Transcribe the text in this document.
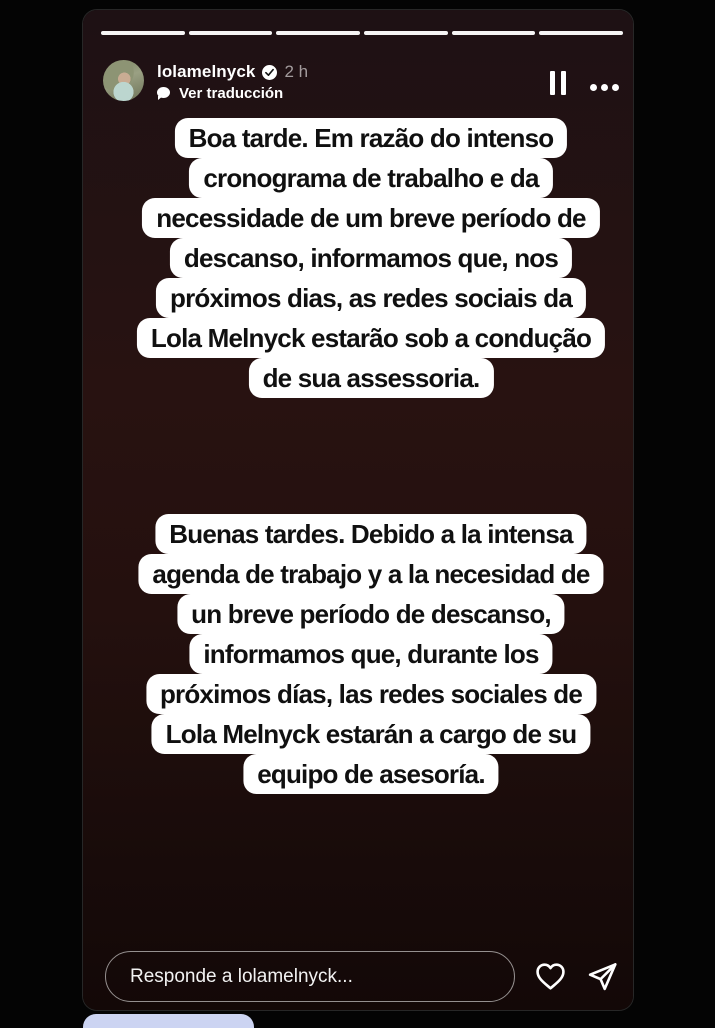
lolamelnyck 2 h
Ver traducción
Boa tarde. Em razão do intenso
cronograma de trabalho e da
necessidade de um breve período de
descanso, informamos que, nos
próximos dias, as redes sociais da
Lola Melnyck estarão sob a condução
de sua assessoria.
Buenas tardes. Debido a la intensa
agenda de trabajo y a la necesidad de
un breve período de descanso,
informamos que, durante los
próximos días, las redes sociales de
Lola Melnyck estarán a cargo de su
equipo de asesoría.
Responde a lolamelnyck...
